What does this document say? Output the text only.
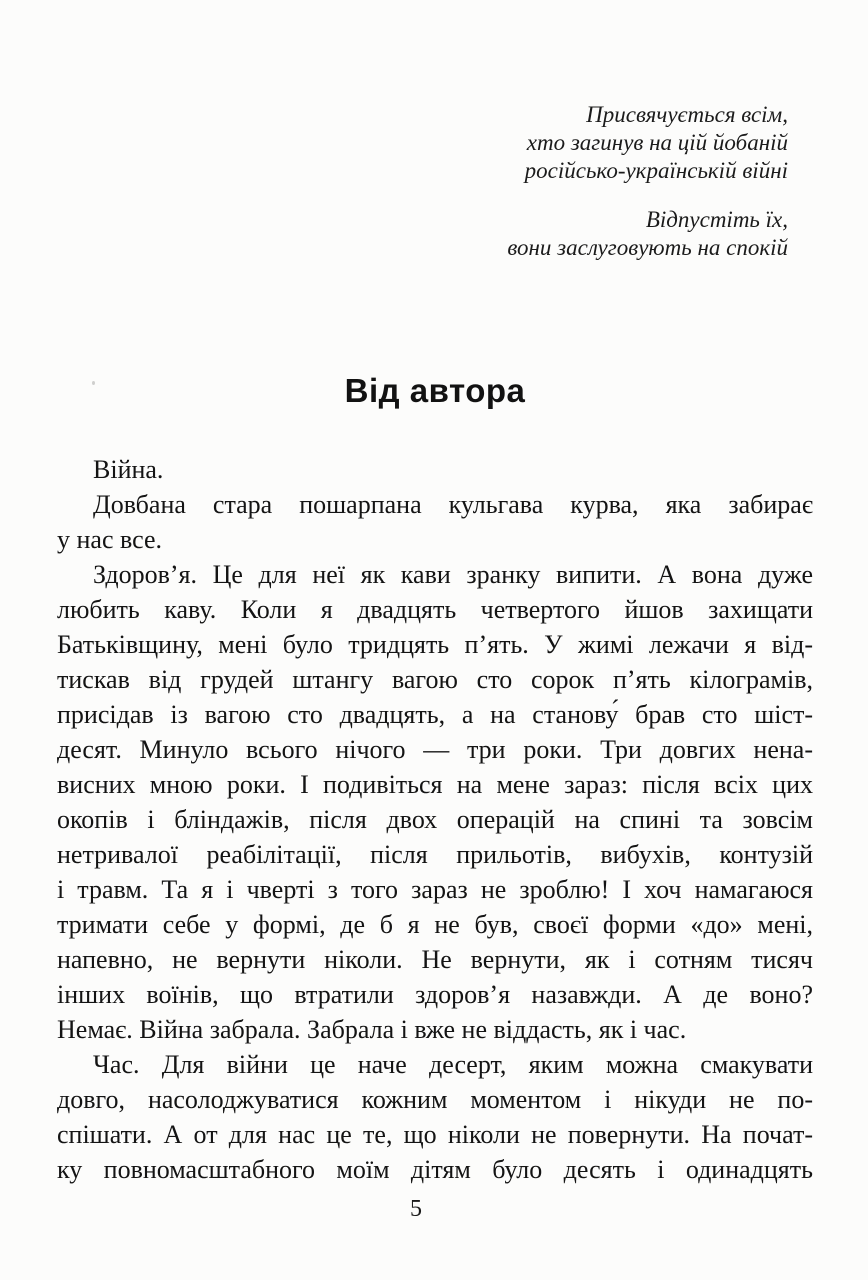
Присвячується всім,
хто загинув на цій йобаній
російсько-українській війні
Відпустіть їх,
вони заслуговують на спокій
Від автора
Війна.
Довбана стара пошарпана кульгава курва, яка забирає
у нас все.
Здоров’я. Це для неї як кави зранку випити. А вона дуже
любить каву. Коли я двадцять четвертого йшов захищати
Батьківщину, мені було тридцять п’ять. У жимі лежачи я від-
тискав від грудей штангу вагою сто сорок п’ять кілограмів,
присідав із вагою сто двадцять, а на станову́ брав сто шіст-
десят. Минуло всього нічого — три роки. Три довгих нена-
висних мною роки. І подивіться на мене зараз: після всіх цих
окопів і бліндажів, після двох операцій на спині та зовсім
нетривалої реабілітації, після прильотів, вибухів, контузій
і травм. Та я і чверті з того зараз не зроблю! І хоч намагаюся
тримати себе у формі, де б я не був, своєї форми «до» мені,
напевно, не вернути ніколи. Не вернути, як і сотням тисяч
інших воїнів, що втратили здоров’я назавжди. А де воно?
Немає. Війна забрала. Забрала і вже не віддасть, як і час.
Час. Для війни це наче десерт, яким можна смакувати
довго, насолоджуватися кожним моментом і нікуди не по-
спішати. А от для нас це те, що ніколи не повернути. На почат-
ку повномасштабного моїм дітям було десять і одинадцять
5
